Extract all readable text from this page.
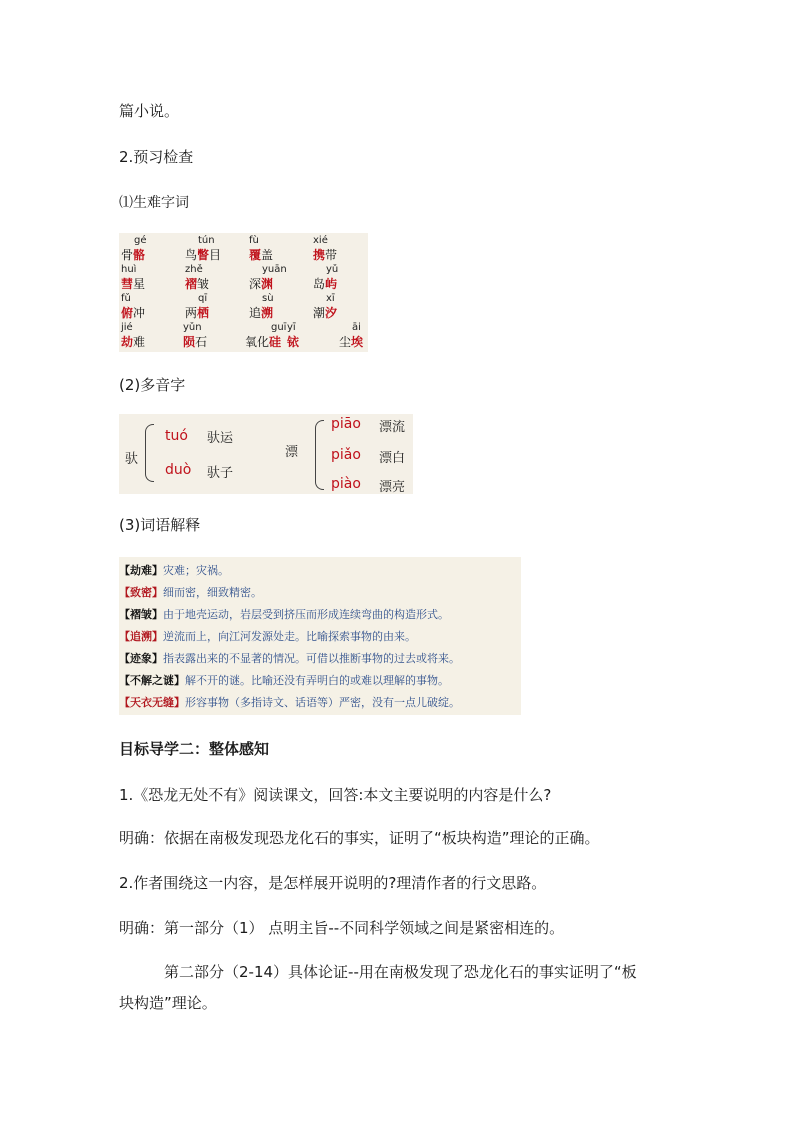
篇小说。
2.预习检查
⑴生难字词
gé
骨骼
tún
鸟瞥目
fù
覆盖
xié
携带
huì
彗星
zhě
褶皱
yuān
深渊
yǔ
岛屿
fǔ
俯冲
qī
两栖
sù
追溯
xī
潮汐
jié
劫难
yǔn
陨石
guī
氧化硅
yī
铱
āi
尘埃
(2)多音字
驮
tuó 驮运
duò 驮子
漂
piāo 漂流
piǎo 漂白
piào 漂亮
(3)词语解释
【劫难】灾难；灾祸。
【致密】细而密，细致精密。
【褶皱】由于地壳运动，岩层受到挤压而形成连续弯曲的构造形式。
【追溯】逆流而上，向江河发源处走。比喻探索事物的由来。
【迹象】指表露出来的不显著的情况。可借以推断事物的过去或将来。
【不解之谜】解不开的谜。比喻还没有弄明白的或难以理解的事物。
【天衣无缝】形容事物（多指诗文、话语等）严密，没有一点儿破绽。
目标导学二：整体感知
1.《恐龙无处不有》阅读课文，回答:本文主要说明的内容是什么?
明确：依据在南极发现恐龙化石的事实，证明了“板块构造”理论的正确。
2.作者围绕这一内容，是怎样展开说明的?理清作者的行文思路。
明确：第一部分（1） 点明主旨--不同科学领域之间是紧密相连的。
第二部分（2-14）具体论证--用在南极发现了恐龙化石的事实证明了“板
块构造”理论。
